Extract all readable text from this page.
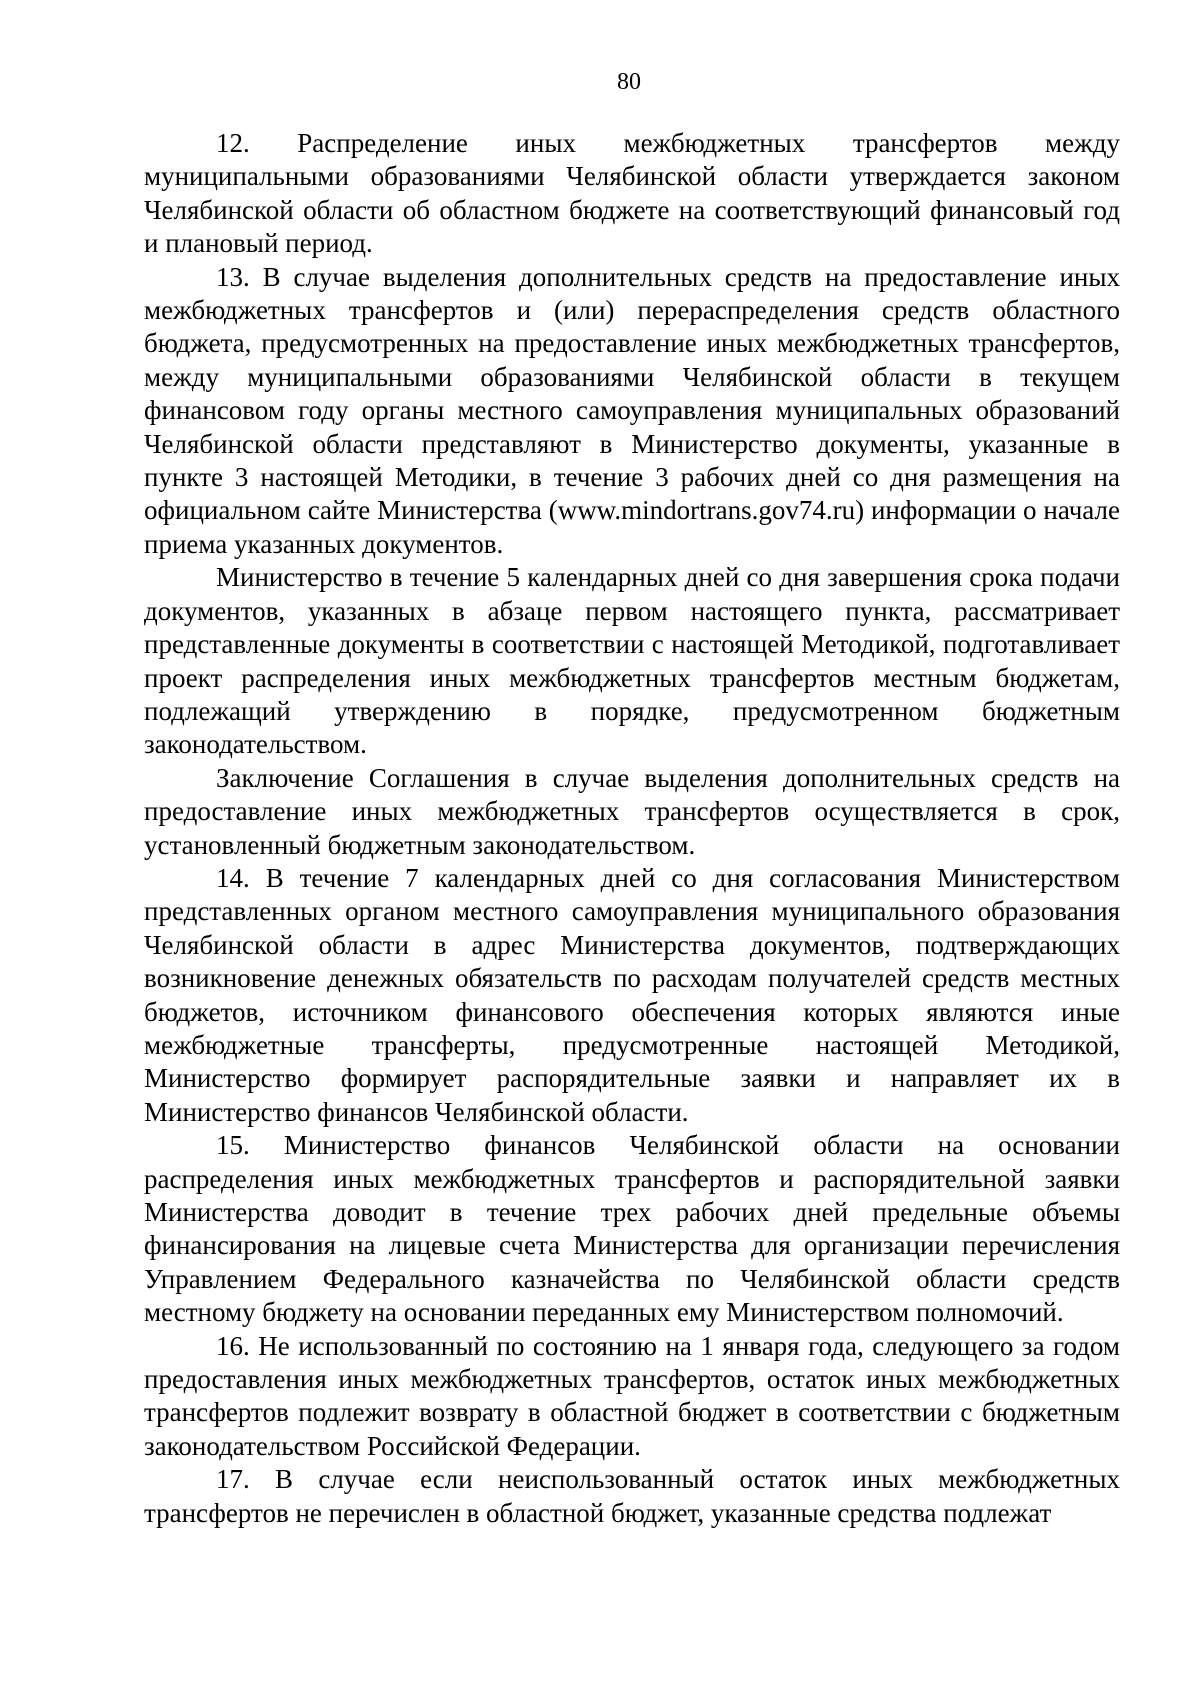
80

12. Распределение иных межбюджетных трансфертов между муниципальными образованиями Челябинской области утверждается законом Челябинской области об областном бюджете на соответствующий финансовый год и плановый период.

13. В случае выделения дополнительных средств на предоставление иных межбюджетных трансфертов и (или) перераспределения средств областного бюджета, предусмотренных на предоставление иных межбюджетных трансфертов, между муниципальными образованиями Челябинской области в текущем финансовом году органы местного самоуправления муниципальных образований Челябинской области представляют в Министерство документы, указанные в пункте 3 настоящей Методики, в течение 3 рабочих дней со дня размещения на официальном сайте Министерства (www.mindortrans.gov74.ru) информации о начале приема указанных документов.

Министерство в течение 5 календарных дней со дня завершения срока подачи документов, указанных в абзаце первом настоящего пункта, рассматривает представленные документы в соответствии с настоящей Методикой, подготавливает проект распределения иных межбюджетных трансфертов местным бюджетам, подлежащий утверждению в порядке, предусмотренном бюджетным законодательством.

Заключение Соглашения в случае выделения дополнительных средств на предоставление иных межбюджетных трансфертов осуществляется в срок, установленный бюджетным законодательством.

14. В течение 7 календарных дней со дня согласования Министерством представленных органом местного самоуправления муниципального образования Челябинской области в адрес Министерства документов, подтверждающих возникновение денежных обязательств по расходам получателей средств местных бюджетов, источником финансового обеспечения которых являются иные межбюджетные трансферты, предусмотренные настоящей Методикой, Министерство формирует распорядительные заявки и направляет их в Министерство финансов Челябинской области.

15. Министерство финансов Челябинской области на основании распределения иных межбюджетных трансфертов и распорядительной заявки Министерства доводит в течение трех рабочих дней предельные объемы финансирования на лицевые счета Министерства для организации перечисления Управлением Федерального казначейства по Челябинской области средств местному бюджету на основании переданных ему Министерством полномочий.

16. Не использованный по состоянию на 1 января года, следующего за годом предоставления иных межбюджетных трансфертов, остаток иных межбюджетных трансфертов подлежит возврату в областной бюджет в соответствии с бюджетным законодательством Российской Федерации.

17. В случае если неиспользованный остаток иных межбюджетных трансфертов не перечислен в областной бюджет, указанные средства подлежат
